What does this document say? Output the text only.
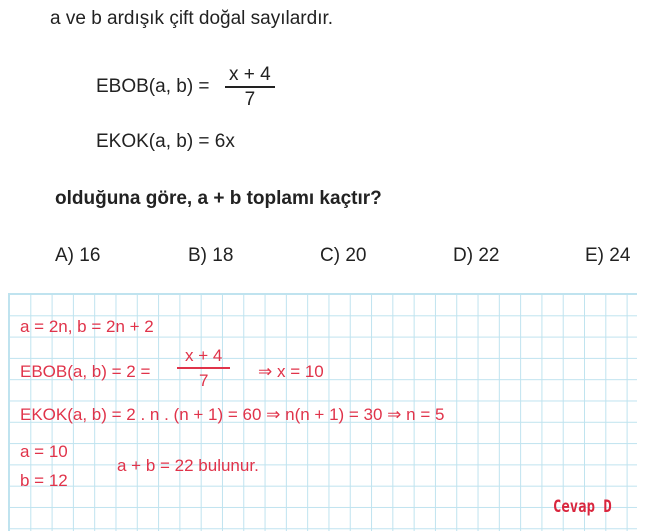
a ve b ardışık çift doğal sayılardır.
EBOB(a, b) =
x + 4
7
EKOK(a, b) = 6x
olduğuna göre, a + b toplamı kaçtır?
A) 16	B) 18	C) 20	D) 22	E) 24
a = 2n, b = 2n + 2
EBOB(a, b) = 2 =
x + 4
7	⇒ x = 10
EKOK(a, b) = 2 . n . (n + 1) = 60 ⇒ n(n + 1) = 30 ⇒ n = 5
a = 10
b = 12
a + b = 22 bulunur.
Cevap D
